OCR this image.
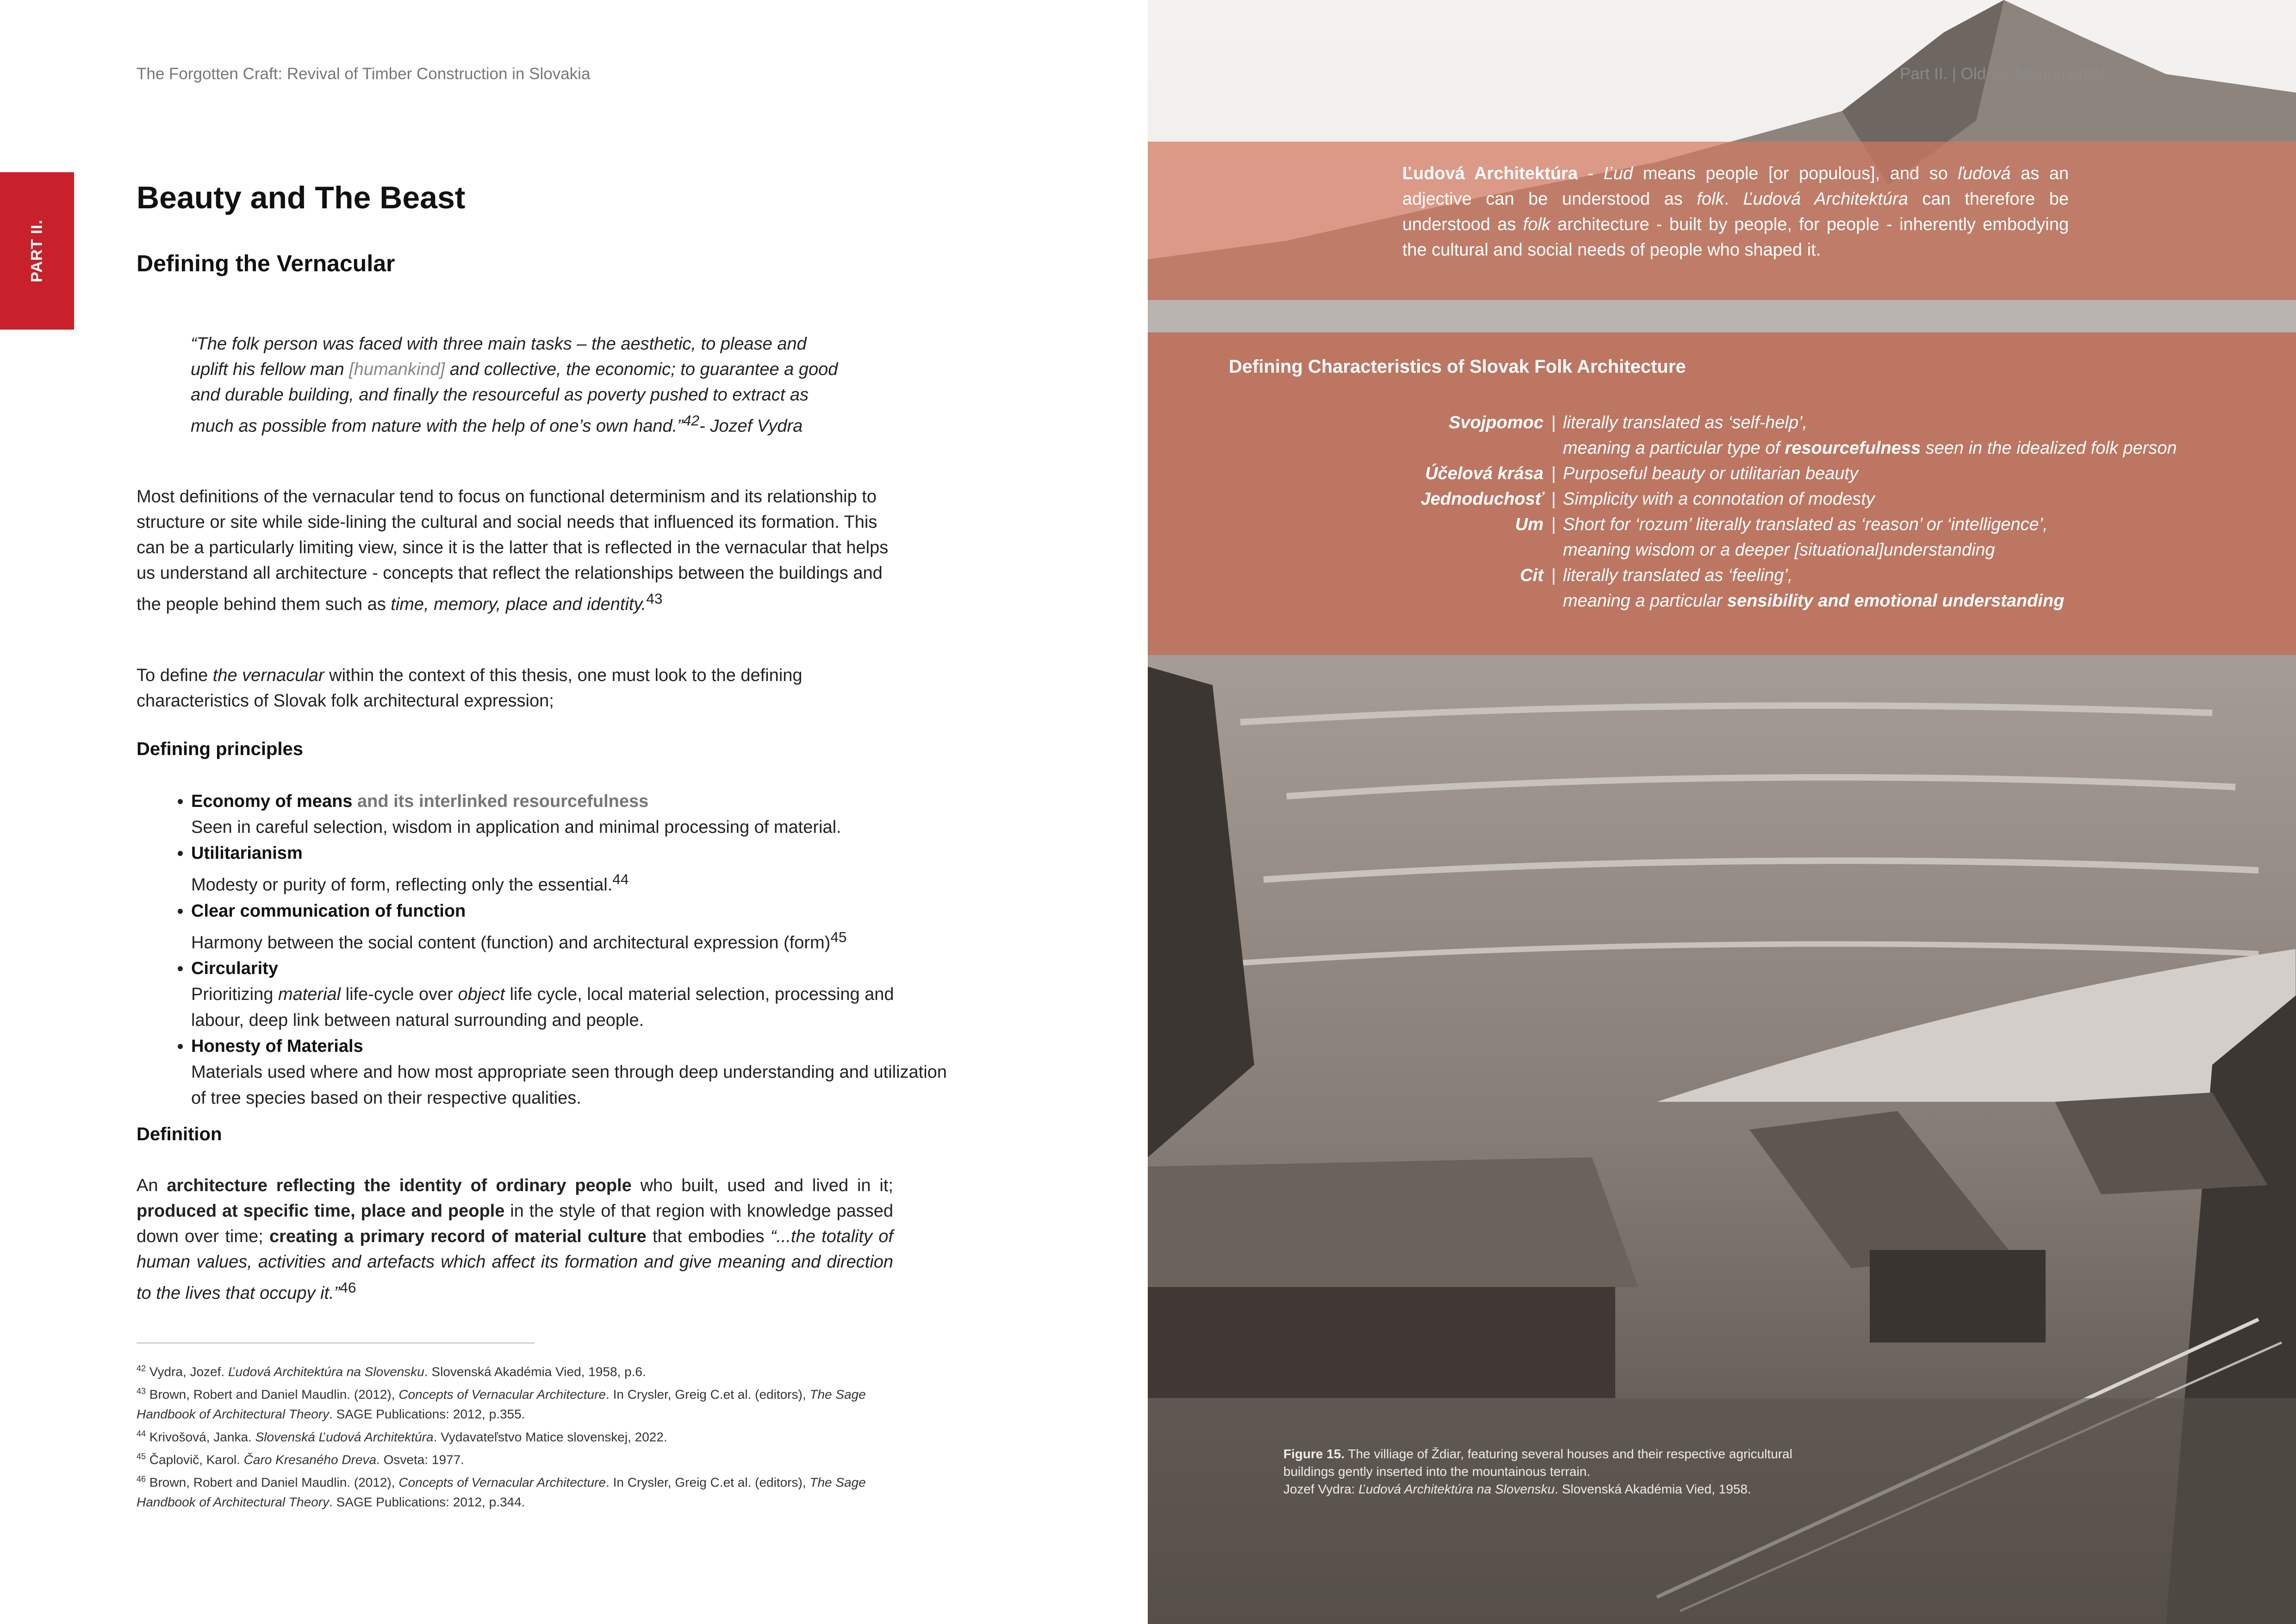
The Forgotten Craft: Revival of Timber Construction in Slovakia
PART II.
Beauty and The Beast
Defining the Vernacular

“The folk person was faced with three main tasks – the aesthetic, to please and uplift his fellow man [humankind] and collective, the economic; to guarantee a good and durable building, and finally the resourceful as poverty pushed to extract as much as possible from nature with the help of one’s own hand.”$^{42}$- Jozef Vydra

Most definitions of the vernacular tend to focus on functional determinism and its relationship to structure or site while side-lining the cultural and social needs that influenced its formation. This can be a particularly limiting view, since it is the latter that is reflected in the vernacular that helps us understand all architecture - concepts that reflect the relationships between the buildings and the people behind them such as time, memory, place and identity.$^{43}$

To define the vernacular within the context of this thesis, one must look to the defining characteristics of Slovak folk architectural expression;

Defining principles
• Economy of means and its interlinked resourcefulness
Seen in careful selection, wisdom in application and minimal processing of material.
• Utilitarianism
Modesty or purity of form, reflecting only the essential.$^{44}$
• Clear communication of function
Harmony between the social content (function) and architectural expression (form)$^{45}$
• Circularity
Prioritizing material life-cycle over object life cycle, local material selection, processing and labour, deep link between natural surrounding and people.
• Honesty of Materials
Materials used where and how most appropriate seen through deep understanding and utilization of tree species based on their respective qualities.
Definition

An architecture reflecting the identity of ordinary people who built, used and lived in it; produced at specific time, place and people in the style of that region with knowledge passed down over time; creating a primary record of material culture that embodies “...the totality of human values, activities and artefacts which affect its formation and give meaning and direction to the lives that occupy it.”$^{46}$

$^{42}$ Vydra, Jozef. Ľudová Architektúra na Slovensku. Slovenská Akadémia Vied, 1958, p.6.

$^{43}$ Brown, Robert and Daniel Maudlin. (2012), Concepts of Vernacular Architecture. In Crysler, Greig C.et al. (editors), The Sage Handbook of Architectural Theory. SAGE Publications: 2012, p.355.

$^{44}$ Krivošová, Janka. Slovenská Ľudová Architektúra. Vydavateľstvo Matice slovenskej, 2022.

$^{45}$ Čaplovič, Karol. Čaro Kresaného Dreva. Osveta: 1977.

$^{46}$ Brown, Robert and Daniel Maudlin. (2012), Concepts of Vernacular Architecture. In Crysler, Greig C.et al. (editors), The Sage Handbook of Architectural Theory. SAGE Publications: 2012, p.344.

Part II. | Old vs. Monumental

Ľudová Architektúra - Ľud means people [or populous], and so ľudová as an adjective can be understood as folk. Ľudová Architektúra can therefore be understood as folk architecture - built by people, for people - inherently embodying the cultural and social needs of people who shaped it.

Defining Characteristics of Slovak Folk Architecture
Svojpomoc | literally translated as ‘self-help’,
meaning a particular type of resourcefulness seen in the idealized folk person
Účelová krása | Purposeful beauty or utilitarian beauty
Jednoduchosť | Simplicity with a connotation of modesty
Um | Short for ‘rozum’ literally translated as ‘reason’ or ‘intelligence’,
meaning wisdom or a deeper [situational]understanding
Cit | literally translated as ‘feeling’,
meaning a particular sensibility and emotional understanding

Figure 15. The villiage of Ždiar, featuring several houses and their respective agricultural buildings gently inserted into the mountainous terrain.
Jozef Vydra: Ľudová Architektúra na Slovensku. Slovenská Akadémia Vied, 1958.
